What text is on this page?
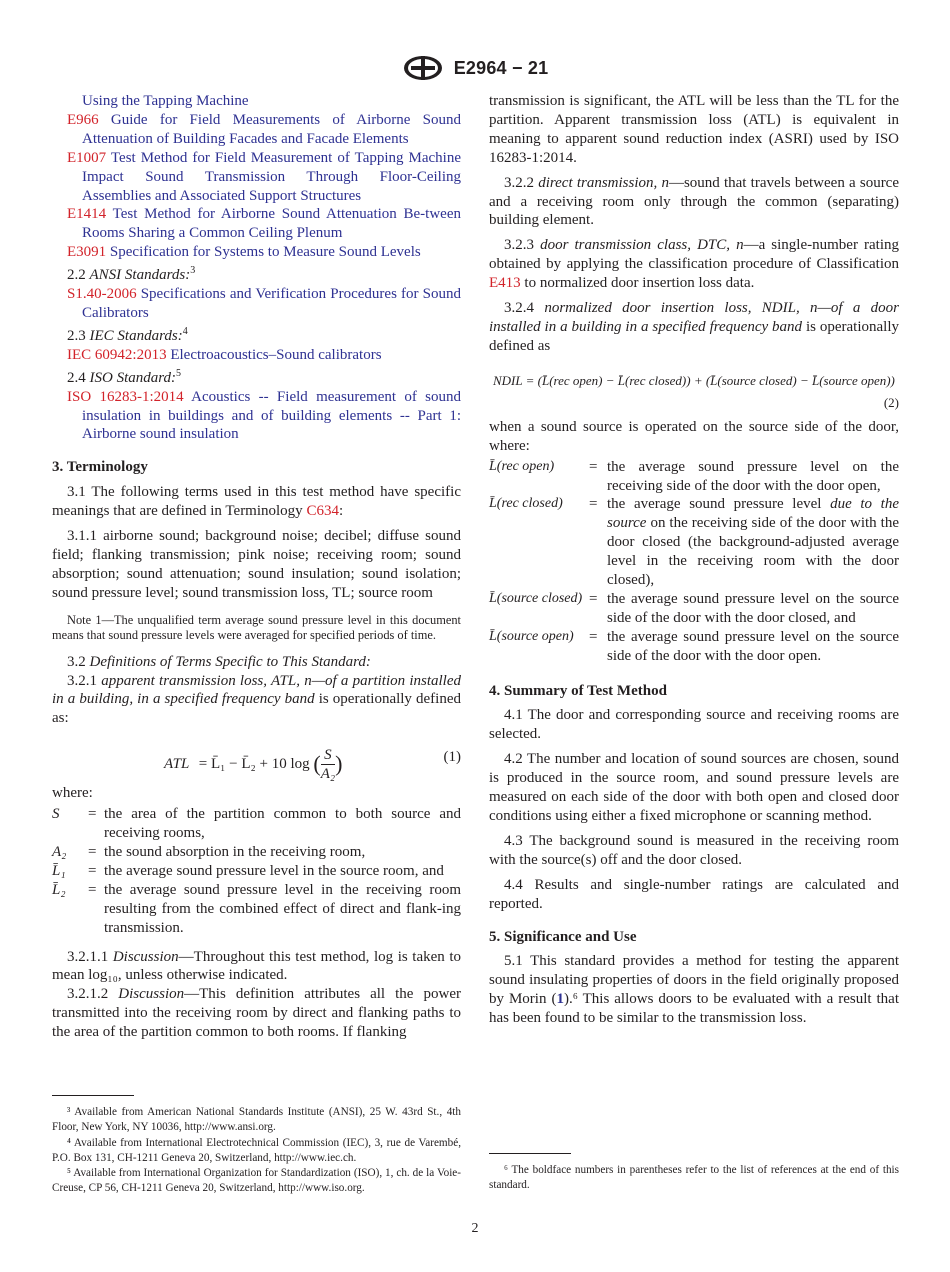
E2964 − 21

Using the Tapping Machine

E966 Guide for Field Measurements of Airborne Sound Attenuation of Building Facades and Facade Elements

E1007 Test Method for Field Measurement of Tapping Machine Impact Sound Transmission Through Floor-Ceiling Assemblies and Associated Support Structures

E1414 Test Method for Airborne Sound Attenuation Be-tween Rooms Sharing a Common Ceiling Plenum

E3091 Specification for Systems to Measure Sound Levels

2.2 ANSI Standards:$^3$

S1.40-2006 Specifications and Verification Procedures for Sound Calibrators

2.3 IEC Standards:$^4$

IEC 60942:2013 Electroacoustics–Sound calibrators

2.4 ISO Standard:$^5$

ISO 16283-1:2014 Acoustics -- Field measurement of sound insulation in buildings and of building elements -- Part 1: Airborne sound insulation

3. Terminology

3.1 The following terms used in this test method have specific meanings that are defined in Terminology C634:

3.1.1 airborne sound; background noise; decibel; diffuse sound field; flanking transmission; pink noise; receiving room; sound absorption; sound attenuation; sound insulation; sound isolation; sound pressure level; sound transmission loss, TL; source room

Note 1—The unqualified term average sound pressure level in this document means that sound pressure levels were averaged for specified periods of time.

3.2 Definitions of Terms Specific to This Standard:

3.2.1 apparent transmission loss, ATL, n—of a partition installed in a building, in a specified frequency band is operationally defined as:

ATL = L̄₁ − L̄₂ + 10 log ( $\frac{S}{\text{A₂}}$ )	(1)

where:

S	= the area of the partition common to both source and receiving rooms,
A₂	= the sound absorption in the receiving room,
L̄₁	= the average sound pressure level in the source room, and
L̄₂	= the average sound pressure level in the receiving room resulting from the combined effect of direct and flank-ing transmission.

3.2.1.1 Discussion—Throughout this test method, log is taken to mean log₁₀, unless otherwise indicated.

3.2.1.2 Discussion—This definition attributes all the power transmitted into the receiving room by direct and flanking paths to the area of the partition common to both rooms. If flanking

³ Available from American National Standards Institute (ANSI), 25 W. 43rd St., 4th Floor, New York, NY 10036, http://www.ansi.org.

⁴ Available from International Electrotechnical Commission (IEC), 3, rue de Varembé, P.O. Box 131, CH-1211 Geneva 20, Switzerland, http://www.iec.ch.

⁵ Available from International Organization for Standardization (ISO), 1, ch. de la Voie-Creuse, CP 56, CH-1211 Geneva 20, Switzerland, http://www.iso.org.

transmission is significant, the ATL will be less than the TL for the partition. Apparent transmission loss (ATL) is equivalent in meaning to apparent sound reduction index (ASRI) used by ISO 16283-1:2014.

3.2.2 direct transmission, n—sound that travels between a source and a receiving room only through the common (separating) building element.

3.2.3 door transmission class, DTC, n—a single-number rating obtained by applying the classification procedure of Classification E413 to normalized door insertion loss data.

3.2.4 normalized door insertion loss, NDIL, n—of a door installed in a building in a specified frequency band is operationally defined as

NDIL = (L̄(rec open) − L̄(rec closed)) + (L̄(source closed) − L̄(source open))
(2)

when a sound source is operated on the source side of the door, where:

L̄(rec open)	= the average sound pressure level on the receiving side of the door with the door open,
L̄(rec closed)	= the average sound pressure level due to the source on the receiving side of the door with the door closed (the background-adjusted average level in the receiving room with the door closed),
L̄(source closed) = the average sound pressure level on the source side of the door with the door closed, and
L̄(source open)	= the average sound pressure level on the source side of the door with the door open.
4. Summary of Test Method

4.1 The door and corresponding source and receiving rooms are selected.

4.2 The number and location of sound sources are chosen, sound is produced in the source room, and sound pressure levels are measured on each side of the door with both open and closed door conditions using either a fixed microphone or scanning method.

4.3 The background sound is measured in the receiving room with the source(s) off and the door closed.

4.4 Results and single-number ratings are calculated and reported.

5. Significance and Use

5.1 This standard provides a method for testing the apparent sound insulating properties of doors in the field originally proposed by Morin (1).⁶ This allows doors to be evaluated with a result that has been found to be similar to the transmission loss.

⁶ The boldface numbers in parentheses refer to the list of references at the end of this standard.

2
